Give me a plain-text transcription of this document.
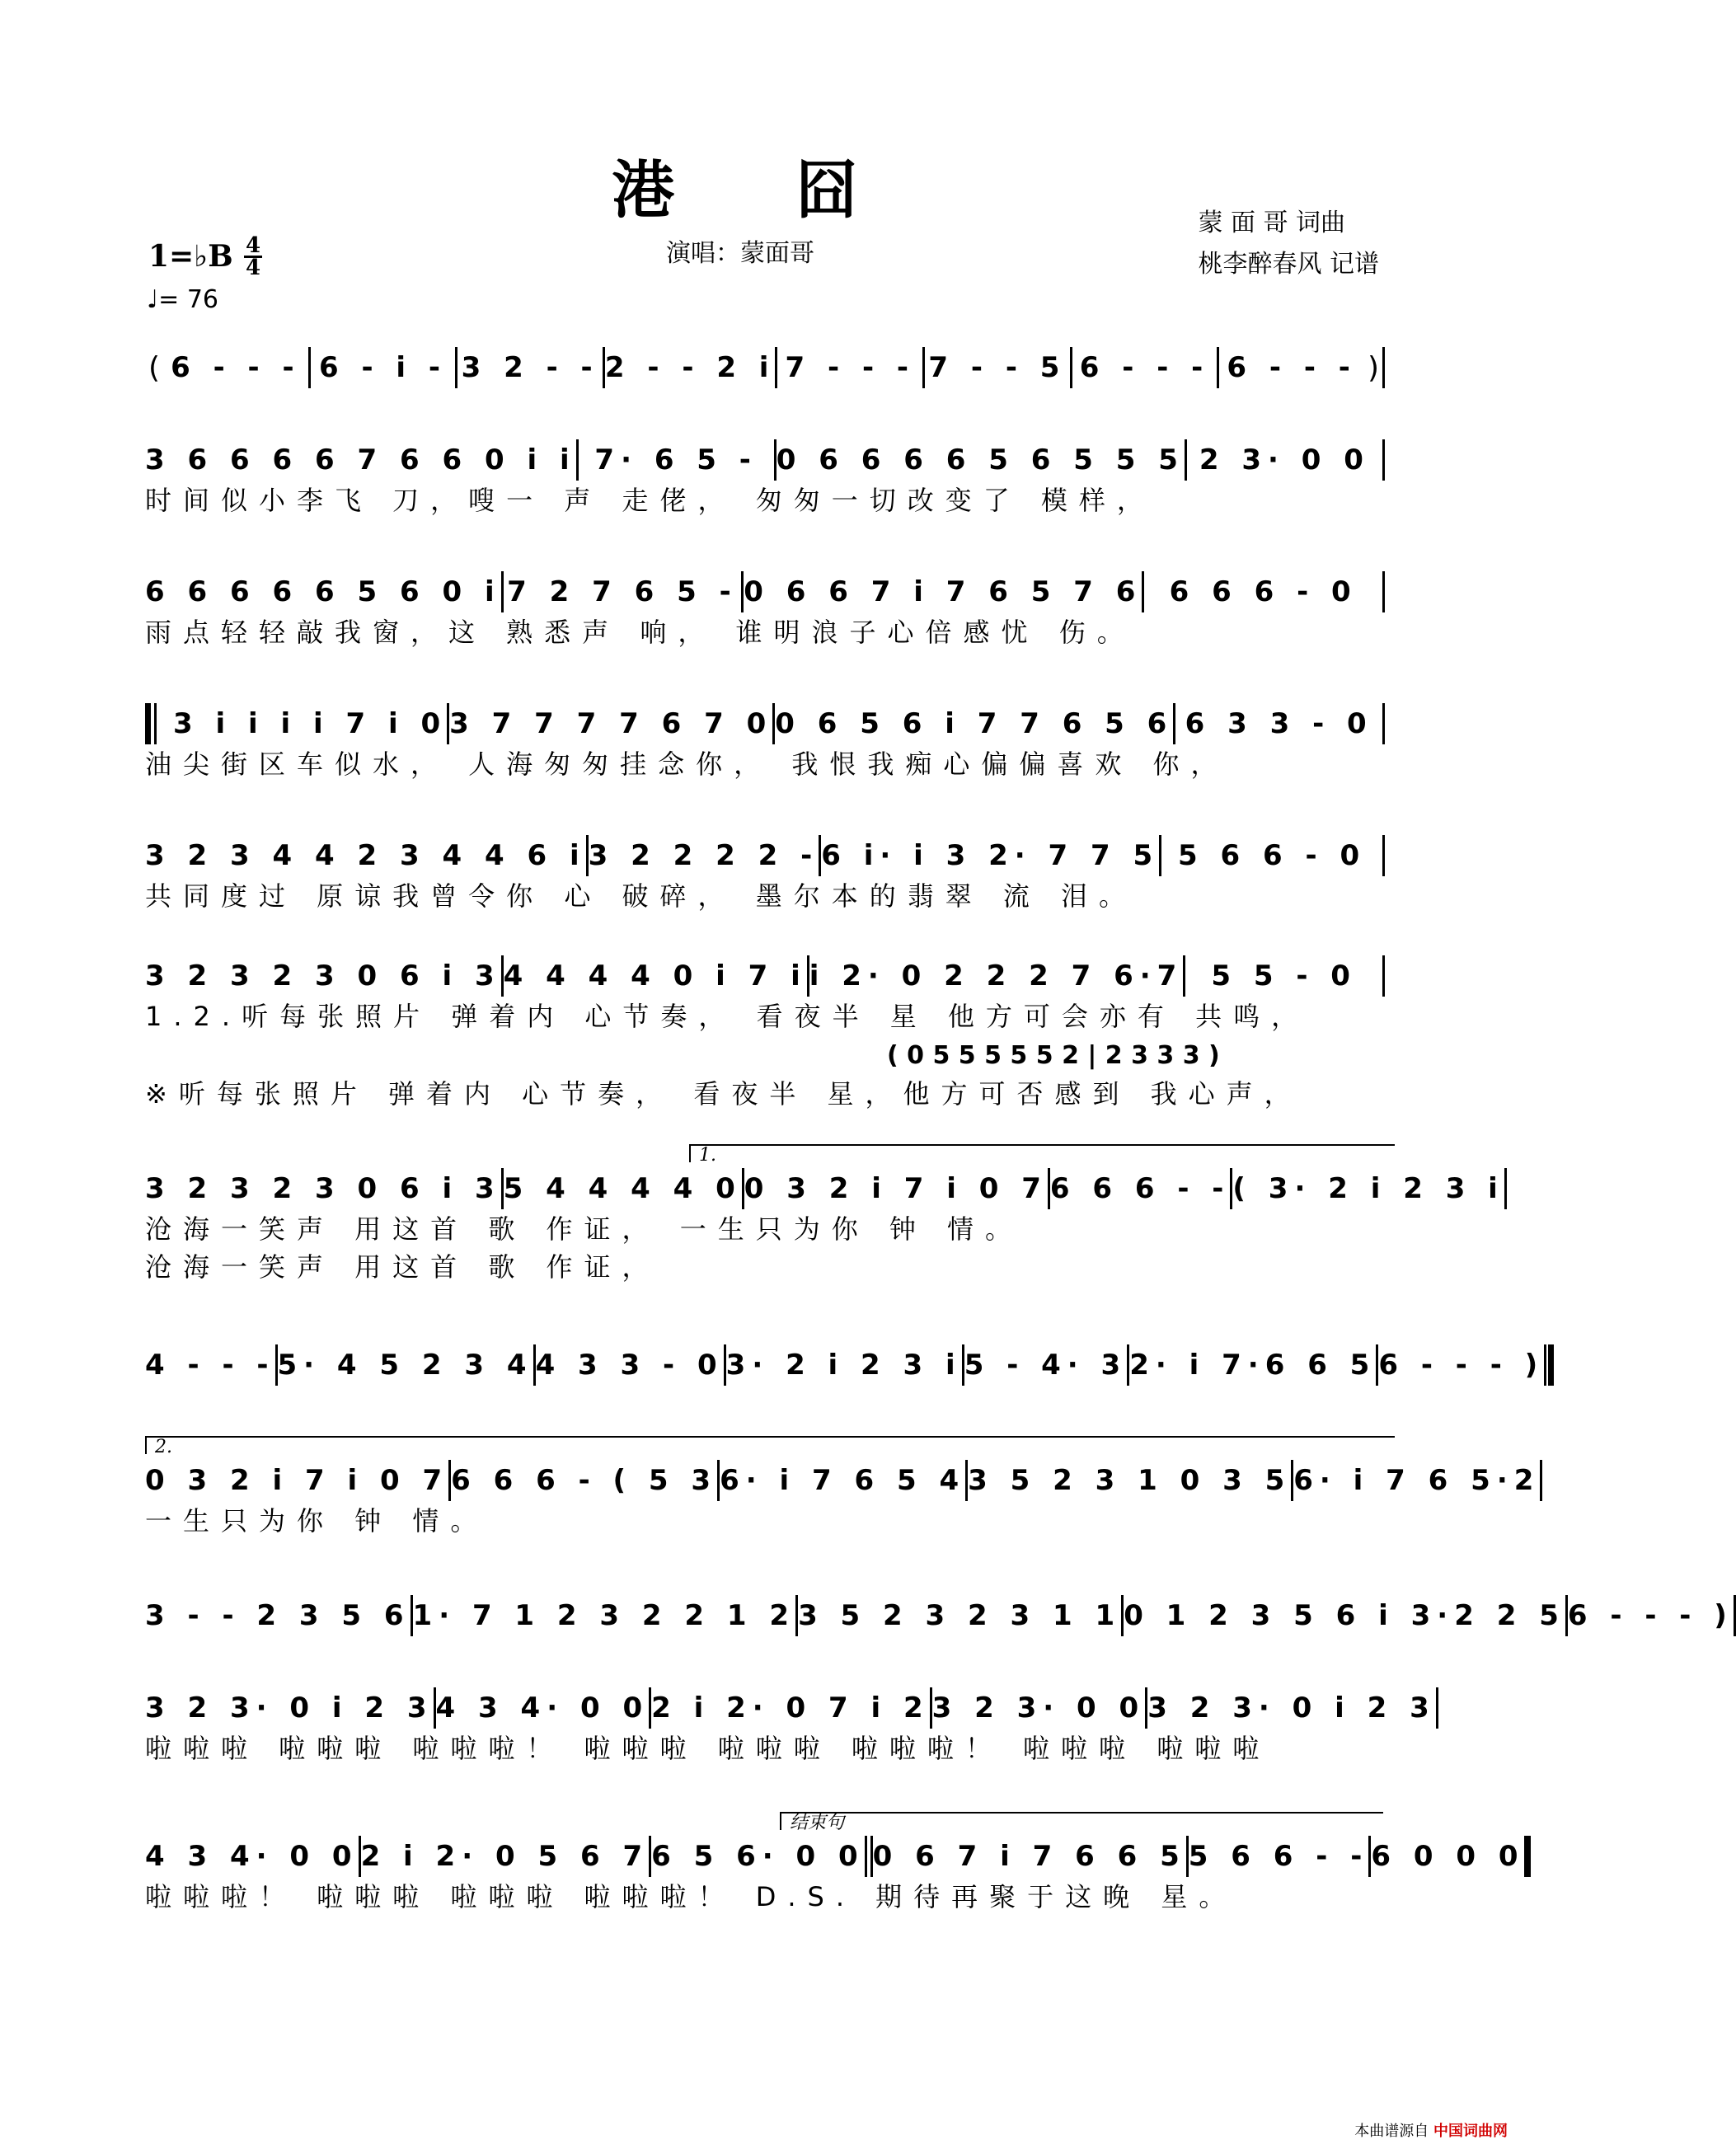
港 囧	蒙 面 哥 词曲
桃李醉春风 记谱
演唱：蒙面哥
1=♭B 4
4
♩= 76
( 6 - - - 6 - i - 3 2 - - 2 - - 2 i 7 - - - 7 - - 5 6 - - - 6 - - - )
3 6 6 6 6 7 6 6 0 i i 7· 6 5 - 0 6 6 6 6 5 6 5 5 5 2 3· 0 0
时间似小李飞 刀，嗖一 声 走佬， 匆匆一切改变了 模样，
6 6 6 6 6 5 6 0 i 7 2 7 6 5 - 0 6 6 7 i 7 6 5 7 6 6 6 6 - 0
雨点轻轻敲我窗，这 熟悉声 响， 谁明浪子心倍感忧 伤。
3 i i i i 7 i 0 3 7 7 7 7 6 7 0 0 6 5 6 i 7 7 6 5 6 6 3 3 - 0
油尖街区车似水， 人海匆匆挂念你， 我恨我痴心偏偏喜欢 你，
3 2 3 4 4 2 3 4 4 6 i 3 2 2 2 2 - 6 i· i 3 2· 7 7 5 5 6 6 - 0
共同度过 原谅我曾令你 心 破碎， 墨尔本的翡翠 流 泪。
3 2 3 2 3 0 6 i 3 4 4 4 4 0 i 7 i i 2· 0 2 2 2 7 6·7	5 5 - 0
1.2.听每张照片 弹着内 心节奏， 看夜半 星 他方可会亦有 共鸣，
※听每张照片 弹着内 心节奏， 看夜半 星，他方可否感到 我心声，
( 0 5 5 5 5 5 2 | 2 3 3 3 )
1.
3 2 3 2 3 0 6 i 3 5 4 4 4 4 0 0 3 2 i 7 i 0 7 6 6 6 - - ( 3· 2 i 2 3 i
沧海一笑声 用这首 歌 作证， 一生只为你 钟 情。
沧海一笑声 用这首 歌 作证，
4 - - - 5· 4 5 2 3 4 4 3 3 - 0 3· 2 i 2 3 i 5 - 4· 3 2· i 7·6 6 5 6 - - - )
2.
0 3 2 i 7 i 0 7 6 6 6 - ( 5 3 6· i 7 6 5 4 3 5 2 3 1 0 3 5 6· i 7 6 5·2
一生只为你 钟 情。
3 - - 2 3 5 6 1· 7 1 2 3 2 2 1 2 3 5 2 3 2 3 1 1 0 1 2 3 5 6 i 3·2 2 5 6 - - - )
3 2 3· 0 i 2 3 4 3 4· 0 0 2 i 2· 0 7 i 2 3 2 3· 0 0 3 2 3· 0 i 2 3
啦啦啦 啦啦啦 啦啦啦！ 啦啦啦 啦啦啦 啦啦啦！ 啦啦啦 啦啦啦
结束句
4 3 4· 0 0 2 i 2· 0 5 6 7 6 5 6· 0 0 0 6 7 i 7 6 6 5 5 6 6 - - 6 0 0 0
啦啦啦！ 啦啦啦 啦啦啦 啦啦啦！ D.S. 期待再聚于这晚 星。
本曲谱源自 中国词曲网
